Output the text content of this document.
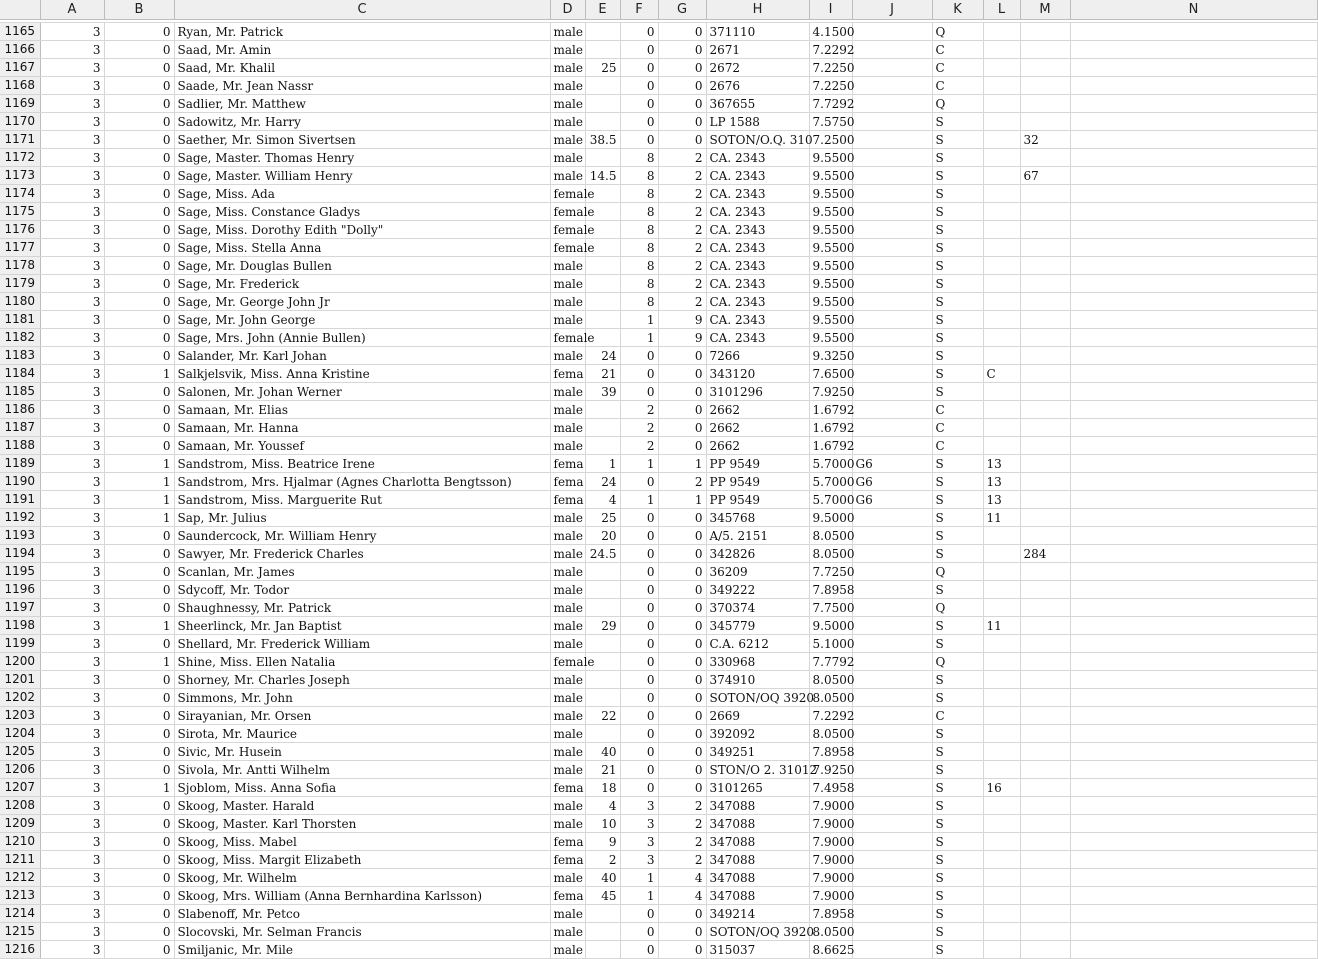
	A	B	C	D	E	F	G	H	I	J	K	L	M	N

1165	3	0	Ryan, Mr. Patrick	male		0	0	371110	4.1500		Q			
1166	3	0	Saad, Mr. Amin	male		0	0	2671	7.2292		C			
1167	3	0	Saad, Mr. Khalil	male	25	0	0	2672	7.2250		C			
1168	3	0	Saade, Mr. Jean Nassr	male		0	0	2676	7.2250		C			
1169	3	0	Sadlier, Mr. Matthew	male		0	0	367655	7.7292		Q			
1170	3	0	Sadowitz, Mr. Harry	male		0	0	LP 1588	7.5750		S			
1171	3	0	Saether, Mr. Simon Sivertsen	male	38.5	0	0	SOTON/O.Q. 310	7.2500		S		32	
1172	3	0	Sage, Master. Thomas Henry	male		8	2	CA. 2343	9.5500		S			
1173	3	0	Sage, Master. William Henry	male	14.5	8	2	CA. 2343	9.5500		S		67	
1174	3	0	Sage, Miss. Ada	female		8	2	CA. 2343	9.5500		S			
1175	3	0	Sage, Miss. Constance Gladys	female		8	2	CA. 2343	9.5500		S			
1176	3	0	Sage, Miss. Dorothy Edith "Dolly"	female		8	2	CA. 2343	9.5500		S			
1177	3	0	Sage, Miss. Stella Anna	female		8	2	CA. 2343	9.5500		S			
1178	3	0	Sage, Mr. Douglas Bullen	male		8	2	CA. 2343	9.5500		S			
1179	3	0	Sage, Mr. Frederick	male		8	2	CA. 2343	9.5500		S			
1180	3	0	Sage, Mr. George John Jr	male		8	2	CA. 2343	9.5500		S			
1181	3	0	Sage, Mr. John George	male		1	9	CA. 2343	9.5500		S			
1182	3	0	Sage, Mrs. John (Annie Bullen)	female		1	9	CA. 2343	9.5500		S			
1183	3	0	Salander, Mr. Karl Johan	male	24	0	0	7266	9.3250		S			
1184	3	1	Salkjelsvik, Miss. Anna Kristine	fema	21	0	0	343120	7.6500		S	C		
1185	3	0	Salonen, Mr. Johan Werner	male	39	0	0	3101296	7.9250		S			
1186	3	0	Samaan, Mr. Elias	male		2	0	2662	1.6792		C			
1187	3	0	Samaan, Mr. Hanna	male		2	0	2662	1.6792		C			
1188	3	0	Samaan, Mr. Youssef	male		2	0	2662	1.6792		C			
1189	3	1	Sandstrom, Miss. Beatrice Irene	fema	1	1	1	PP 9549	5.7000	G6	S	13		
1190	3	1	Sandstrom, Mrs. Hjalmar (Agnes Charlotta Bengtsson)	fema	24	0	2	PP 9549	5.7000	G6	S	13		
1191	3	1	Sandstrom, Miss. Marguerite Rut	fema	4	1	1	PP 9549	5.7000	G6	S	13		
1192	3	1	Sap, Mr. Julius	male	25	0	0	345768	9.5000		S	11		
1193	3	0	Saundercock, Mr. William Henry	male	20	0	0	A/5. 2151	8.0500		S			
1194	3	0	Sawyer, Mr. Frederick Charles	male	24.5	0	0	342826	8.0500		S		284	
1195	3	0	Scanlan, Mr. James	male		0	0	36209	7.7250		Q			
1196	3	0	Sdycoff, Mr. Todor	male		0	0	349222	7.8958		S			
1197	3	0	Shaughnessy, Mr. Patrick	male		0	0	370374	7.7500		Q			
1198	3	1	Sheerlinck, Mr. Jan Baptist	male	29	0	0	345779	9.5000		S	11		
1199	3	0	Shellard, Mr. Frederick William	male		0	0	C.A. 6212	5.1000		S			
1200	3	1	Shine, Miss. Ellen Natalia	female		0	0	330968	7.7792		Q			
1201	3	0	Shorney, Mr. Charles Joseph	male		0	0	374910	8.0500		S			
1202	3	0	Simmons, Mr. John	male		0	0	SOTON/OQ 3920	8.0500		S			
1203	3	0	Sirayanian, Mr. Orsen	male	22	0	0	2669	7.2292		C			
1204	3	0	Sirota, Mr. Maurice	male		0	0	392092	8.0500		S			
1205	3	0	Sivic, Mr. Husein	male	40	0	0	349251	7.8958		S			
1206	3	0	Sivola, Mr. Antti Wilhelm	male	21	0	0	STON/O 2. 31012	7.9250		S			
1207	3	1	Sjoblom, Miss. Anna Sofia	fema	18	0	0	3101265	7.4958		S	16		
1208	3	0	Skoog, Master. Harald	male	4	3	2	347088	7.9000		S			
1209	3	0	Skoog, Master. Karl Thorsten	male	10	3	2	347088	7.9000		S			
1210	3	0	Skoog, Miss. Mabel	fema	9	3	2	347088	7.9000		S			
1211	3	0	Skoog, Miss. Margit Elizabeth	fema	2	3	2	347088	7.9000		S			
1212	3	0	Skoog, Mr. Wilhelm	male	40	1	4	347088	7.9000		S			
1213	3	0	Skoog, Mrs. William (Anna Bernhardina Karlsson)	fema	45	1	4	347088	7.9000		S			
1214	3	0	Slabenoff, Mr. Petco	male		0	0	349214	7.8958		S			
1215	3	0	Slocovski, Mr. Selman Francis	male		0	0	SOTON/OQ 3920	8.0500		S			
1216	3	0	Smiljanic, Mr. Mile	male		0	0	315037	8.6625		S			
